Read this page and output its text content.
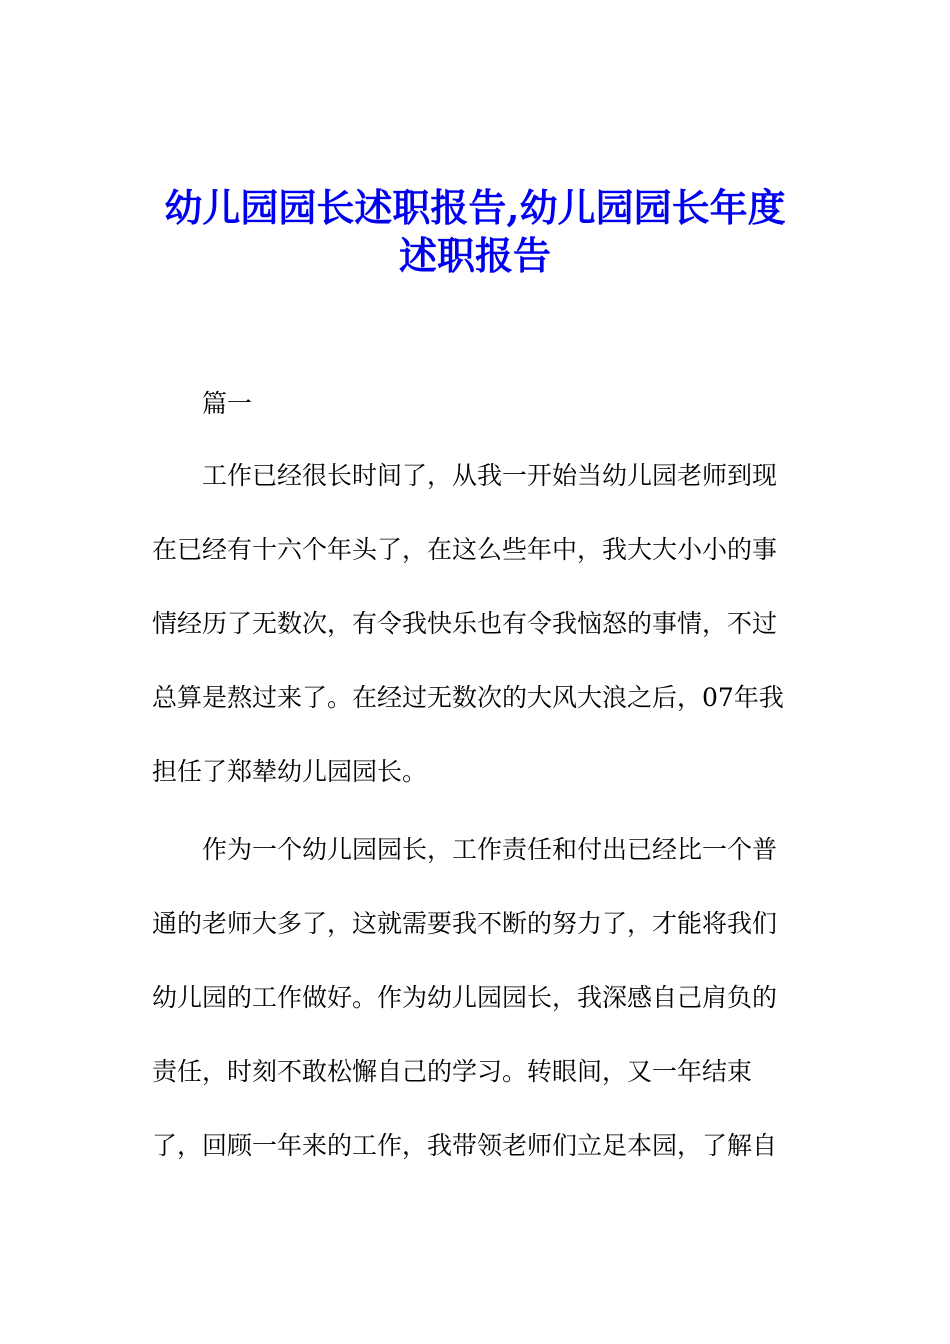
幼儿园园长述职报告,幼儿园园长年度
述职报告
篇一
工作已经很长时间了，从我一开始当幼儿园老师到现
在已经有十六个年头了，在这么些年中，我大大小小的事
情经历了无数次，有令我快乐也有令我恼怒的事情，不过
总算是熬过来了。在经过无数次的大风大浪之后，07年我
担任了郑辇幼儿园园长。
作为一个幼儿园园长，工作责任和付出已经比一个普
通的老师大多了，这就需要我不断的努力了，才能将我们
幼儿园的工作做好。作为幼儿园园长，我深感自己肩负的
责任，时刻不敢松懈自己的学习。转眼间，又一年结束
了，回顾一年来的工作，我带领老师们立足本园，了解自
